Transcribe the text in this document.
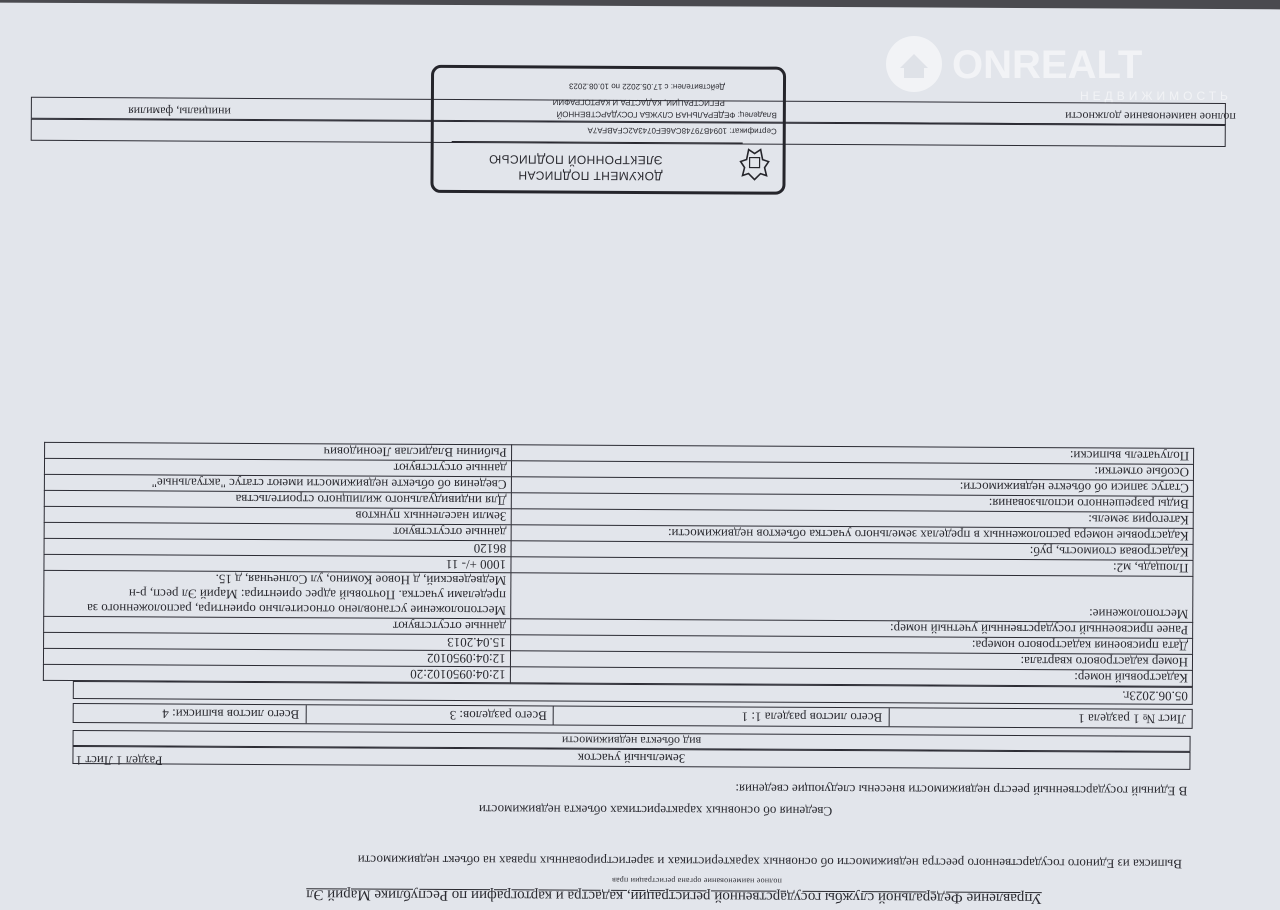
Управление Федеральной службы государственной регистрации, кадастра и картографии по Республике Марий Эл
полное наименование органа регистрации прав
Выписка из Единого государственного реестра недвижимости об основных характеристиках и зарегистрированных правах на объект недвижимости
Сведения об основных характеристиках объекта недвижимости
В Единый государственный реестр недвижимости внесены следующие сведения:
Раздел 1 Лист 1	Земельный участок
вид объекта недвижимости
Лист № 1 раздела 1
Всего листов раздела 1: 1
Всего разделов: 3
Всего листов выписки: 4
05.06.2023г.
Кадастровый номер:	12:04:0950102:20
Номер кадастрового квартала:	12:04:0950102
Дата присвоения кадастрового номера:	15.04.2013
Ранее присвоенный государственный учетный номер:	данные отсутствуют
Местоположение:	Местоположение установлено относительно ориентира, расположенного за пределами участка. Почтовый адрес ориентира: Марий Эл респ, р-н Медведевский, д Новое Комино, ул Солнечная, д 15.
Площадь, м2:	1000 +/- 11
Кадастровая стоимость, руб:	86120
Кадастровые номера расположенных в пределах земельного участка объектов недвижимости:	данные отсутствуют
Категория земель:	Земли населенных пунктов
Виды разрешенного использования:	Для индивидуального жилищного строительства
Статус записи об объекте недвижимости:	Сведения об объекте недвижимости имеют статус "актуальные"
Особые отметки:	данные отсутствуют
Получатель выписки:	Рыбинин Владислав Леонидович
полное наименование должности
инициалы, фамилия
ДОКУМЕНТ ПОДПИСАН
ЭЛЕКТРОННОЙ ПОДПИСЬЮ
Сертификат: 1094В79748СА6ЕF0743A2СFАBFA7A
Владелец: ФЕДЕРАЛЬНАЯ СЛУЖБА ГОСУДАРСТВЕННОЙ
РЕГИСТРАЦИИ, КАДАСТРА И КАРТОГРАФИИ
Действителен: с 17.05.2022 по 10.08.2023	ONREALT
НЕДВИЖИМОСТЬ
